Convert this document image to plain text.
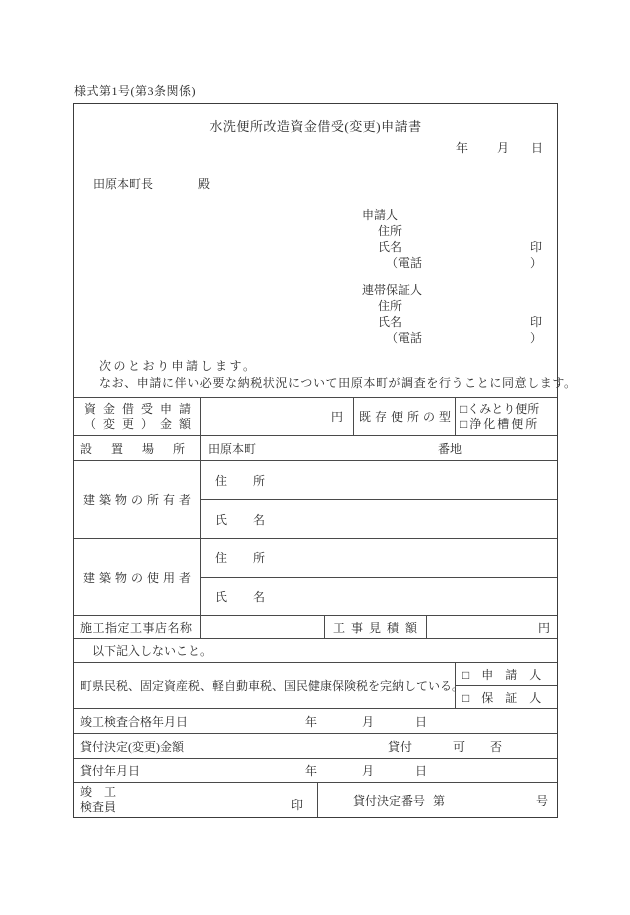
様式第1号(第3条関係)
水洗便所改造資金借受(変更)申請書
年 月 日
田原本町長	殿
申請人
住所
氏名	印
（電話	）
連帯保証人
住所
氏名	印
（電話	）
次のとおり申請します。
なお、申請に伴い必要な納税状況について田原本町が調査を行うことに同意します。
資金借受申請
（変更）金額	円	既存便所の型
□くみとり便所
□浄化槽便所
設置場所 田原本町	番地
建築物の所有者
住所
氏名
建築物の使用者
住所
氏名
施工指定工事店名称	工事見積額	円
以下記入しないこと。
町県民税、固定資産税、軽自動車税、国民健康保険税を完納している。
□申請人
□保証人
竣工検査合格年月日	年	月	日
貸付決定(変更)金額	貸付	可 否
貸付年月日	年	月	日
竣工
検査員	印	貸付決定番号 第	号
